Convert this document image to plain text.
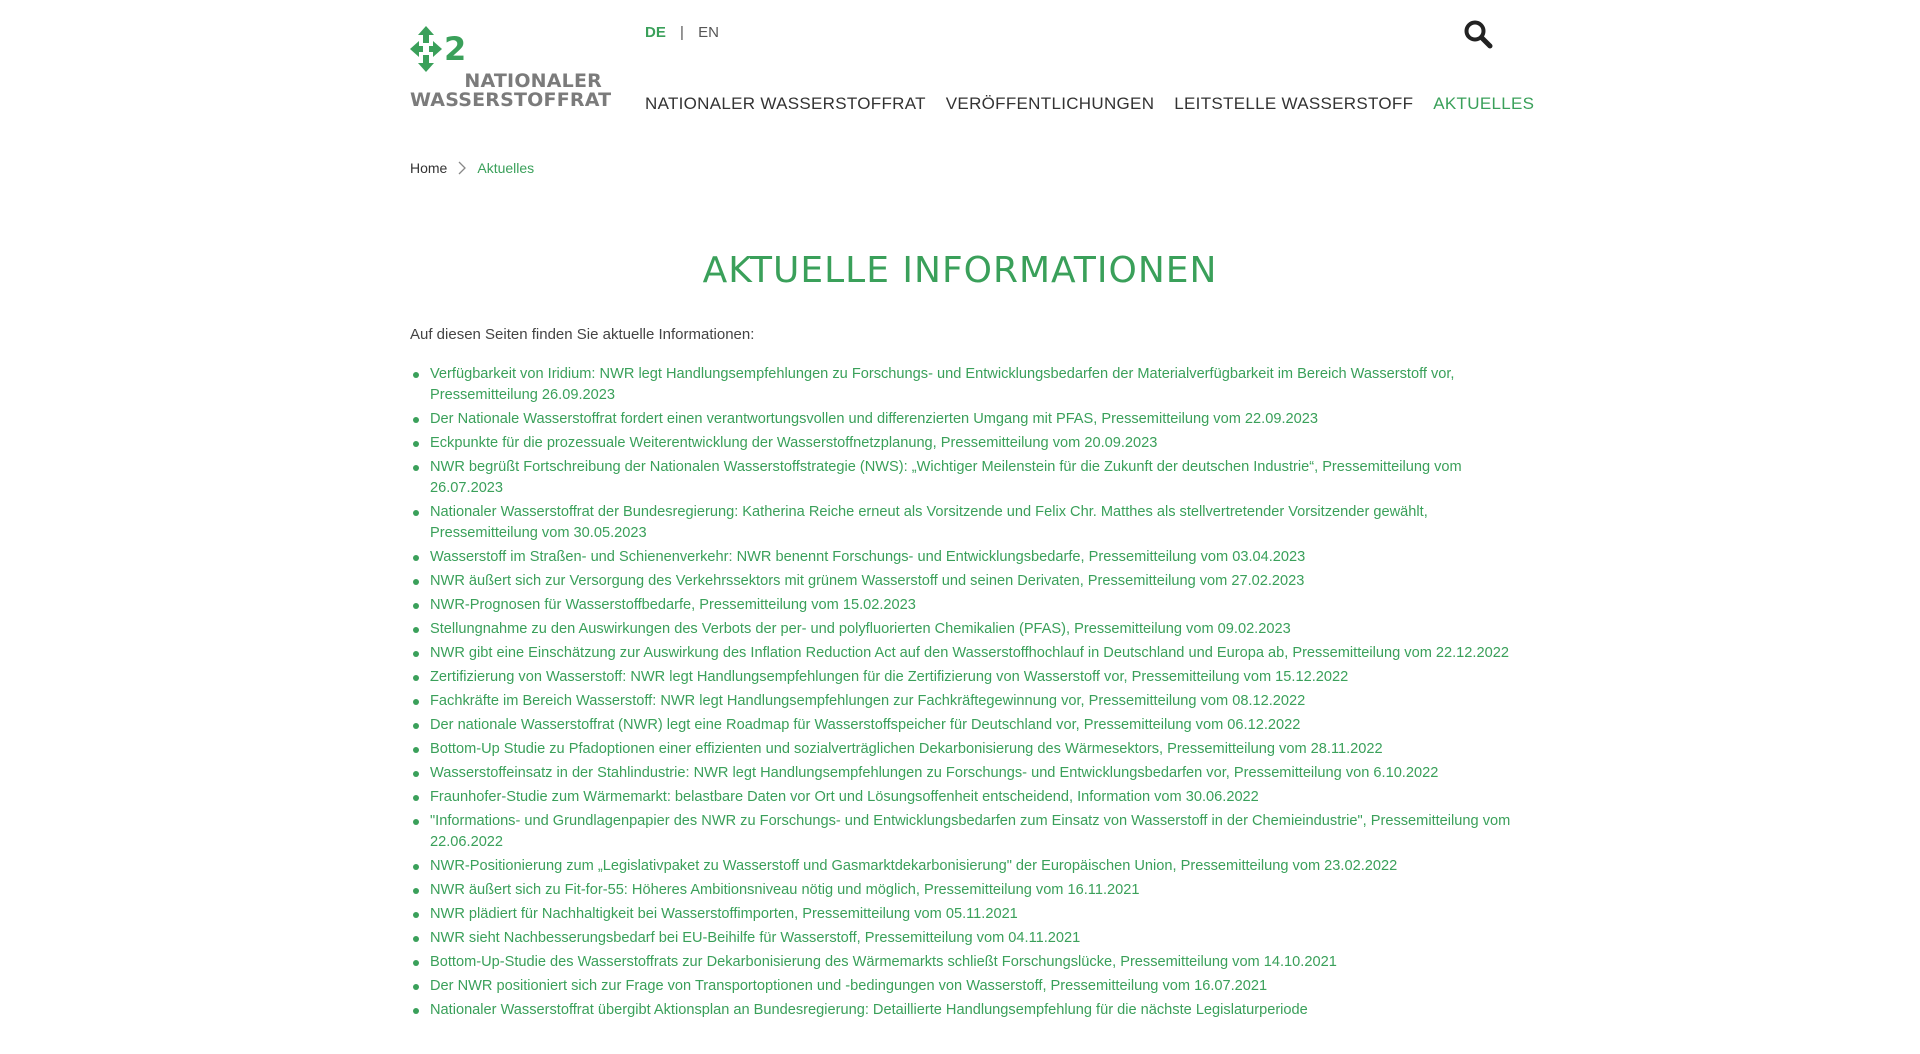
2
NATIONALER
WASSERSTOFFRAT
DE | EN
NATIONALER WASSERSTOFFRAT VERÖFFENTLICHUNGEN LEITSTELLE WASSERSTOFF AKTUELLES
Home Aktuelles
AKTUELLE INFORMATIONEN
Auf diesen Seiten finden Sie aktuelle Informationen:
Verfügbarkeit von Iridium: NWR legt Handlungsempfehlungen zu Forschungs- und Entwicklungsbedarfen der Materialverfügbarkeit im Bereich Wasserstoff vor, Pressemitteilung 26.09.2023
Der Nationale Wasserstoffrat fordert einen verantwortungsvollen und differenzierten Umgang mit PFAS, Pressemitteilung vom 22.09.2023
Eckpunkte für die prozessuale Weiterentwicklung der Wasserstoffnetzplanung, Pressemitteilung vom 20.09.2023
NWR begrüßt Fortschreibung der Nationalen Wasserstoffstrategie (NWS): „Wichtiger Meilenstein für die Zukunft der deutschen Industrie“, Pressemitteilung vom 26.07.2023
Nationaler Wasserstoffrat der Bundesregierung: Katherina Reiche erneut als Vorsitzende und Felix Chr. Matthes als stellvertretender Vorsitzender gewählt, Pressemitteilung vom 30.05.2023
Wasserstoff im Straßen- und Schienenverkehr: NWR benennt Forschungs- und Entwicklungsbedarfe, Pressemitteilung vom 03.04.2023
NWR äußert sich zur Versorgung des Verkehrssektors mit grünem Wasserstoff und seinen Derivaten, Pressemitteilung vom 27.02.2023
NWR-Prognosen für Wasserstoffbedarfe, Pressemitteilung vom 15.02.2023
Stellungnahme zu den Auswirkungen des Verbots der per- und polyfluorierten Chemikalien (PFAS), Pressemitteilung vom 09.02.2023
NWR gibt eine Einschätzung zur Auswirkung des Inflation Reduction Act auf den Wasserstoffhochlauf in Deutschland und Europa ab, Pressemitteilung vom 22.12.2022
Zertifizierung von Wasserstoff: NWR legt Handlungsempfehlungen für die Zertifizierung von Wasserstoff vor, Pressemitteilung vom 15.12.2022
Fachkräfte im Bereich Wasserstoff: NWR legt Handlungsempfehlungen zur Fachkräftegewinnung vor, Pressemitteilung vom 08.12.2022
Der nationale Wasserstoffrat (NWR) legt eine Roadmap für Wasserstoffspeicher für Deutschland vor, Pressemitteilung vom 06.12.2022
Bottom-Up Studie zu Pfadoptionen einer effizienten und sozialverträglichen Dekarbonisierung des Wärmesektors, Pressemitteilung vom 28.11.2022
Wasserstoffeinsatz in der Stahlindustrie: NWR legt Handlungsempfehlungen zu Forschungs- und Entwicklungsbedarfen vor, Pressemitteilung von 6.10.2022
Fraunhofer-Studie zum Wärmemarkt: belastbare Daten vor Ort und Lösungsoffenheit entscheidend, Information vom 30.06.2022
"Informations- und Grundlagenpapier des NWR zu Forschungs- und Entwicklungsbedarfen zum Einsatz von Wasserstoff in der Chemieindustrie", Pressemitteilung vom 22.06.2022
NWR-Positionierung zum „Legislativpaket zu Wasserstoff und Gasmarktdekarbonisierung" der Europäischen Union, Pressemitteilung vom 23.02.2022
NWR äußert sich zu Fit-for-55: Höheres Ambitionsniveau nötig und möglich, Pressemitteilung vom 16.11.2021
NWR plädiert für Nachhaltigkeit bei Wasserstoffimporten, Pressemitteilung vom 05.11.2021
NWR sieht Nachbesserungsbedarf bei EU-Beihilfe für Wasserstoff, Pressemitteilung vom 04.11.2021
Bottom-Up-Studie des Wasserstoffrats zur Dekarbonisierung des Wärmemarkts schließt Forschungslücke, Pressemitteilung vom 14.10.2021
Der NWR positioniert sich zur Frage von Transportoptionen und -bedingungen von Wasserstoff, Pressemitteilung vom 16.07.2021
Nationaler Wasserstoffrat übergibt Aktionsplan an Bundesregierung: Detaillierte Handlungsempfehlung für die nächste Legislaturperiode
